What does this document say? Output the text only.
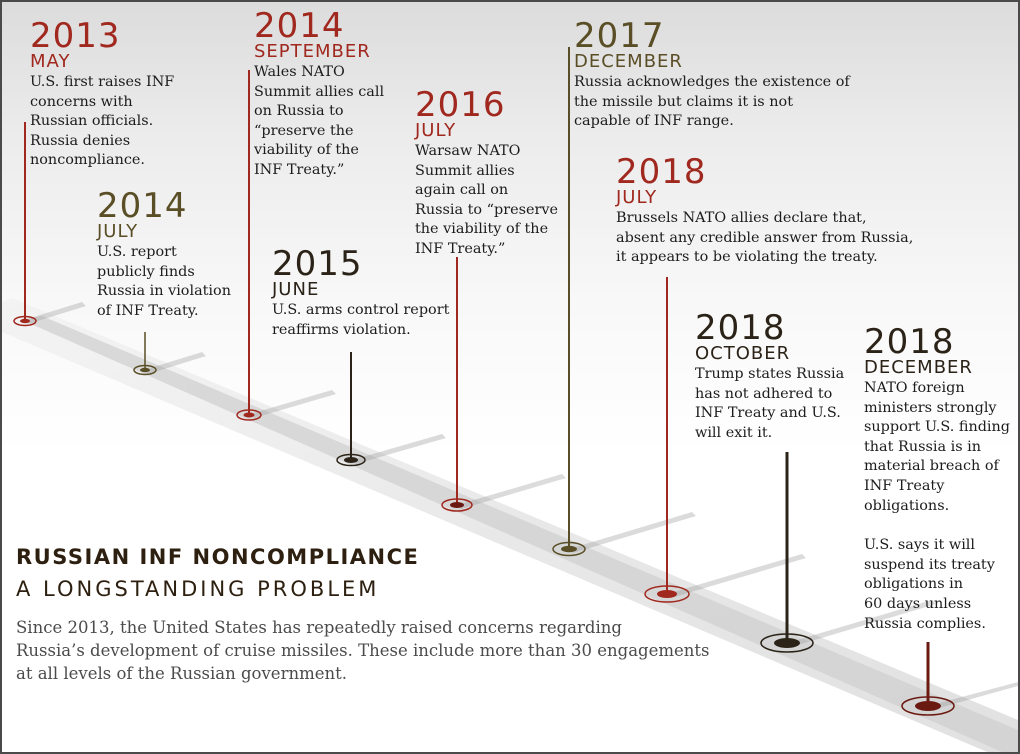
2013
MAY
U.S. first raises INF
concerns with
Russian officials.
Russia denies
noncompliance.
2014
JULY
U.S. report
publicly finds
Russia in violation
of INF Treaty.
2014
SEPTEMBER
Wales NATO
Summit allies call
on Russia to
“preserve the
viability of the
INF Treaty.”
2015
JUNE
U.S. arms control report
reaffirms violation.
2016
JULY
Warsaw NATO
Summit allies
again call on
Russia to “preserve
the viability of the
INF Treaty.”
2017
DECEMBER
Russia acknowledges the existence of
the missile but claims it is not
capable of INF range.
2018
JULY
Brussels NATO allies declare that,
absent any credible answer from Russia,
it appears to be violating the treaty.
2018
OCTOBER
Trump states Russia
has not adhered to
INF Treaty and U.S.
will exit it.
2018
DECEMBER
NATO foreign
ministers strongly
support U.S. finding
that Russia is in
material breach of
INF Treaty
obligations.
U.S. says it will
suspend its treaty
obligations in
60 days unless
Russia complies.
RUSSIAN INF NONCOMPLIANCE
A LONGSTANDING PROBLEM
Since 2013, the United States has repeatedly raised concerns regarding
Russia’s development of cruise missiles. These include more than 30 engagements
at all levels of the Russian government.
